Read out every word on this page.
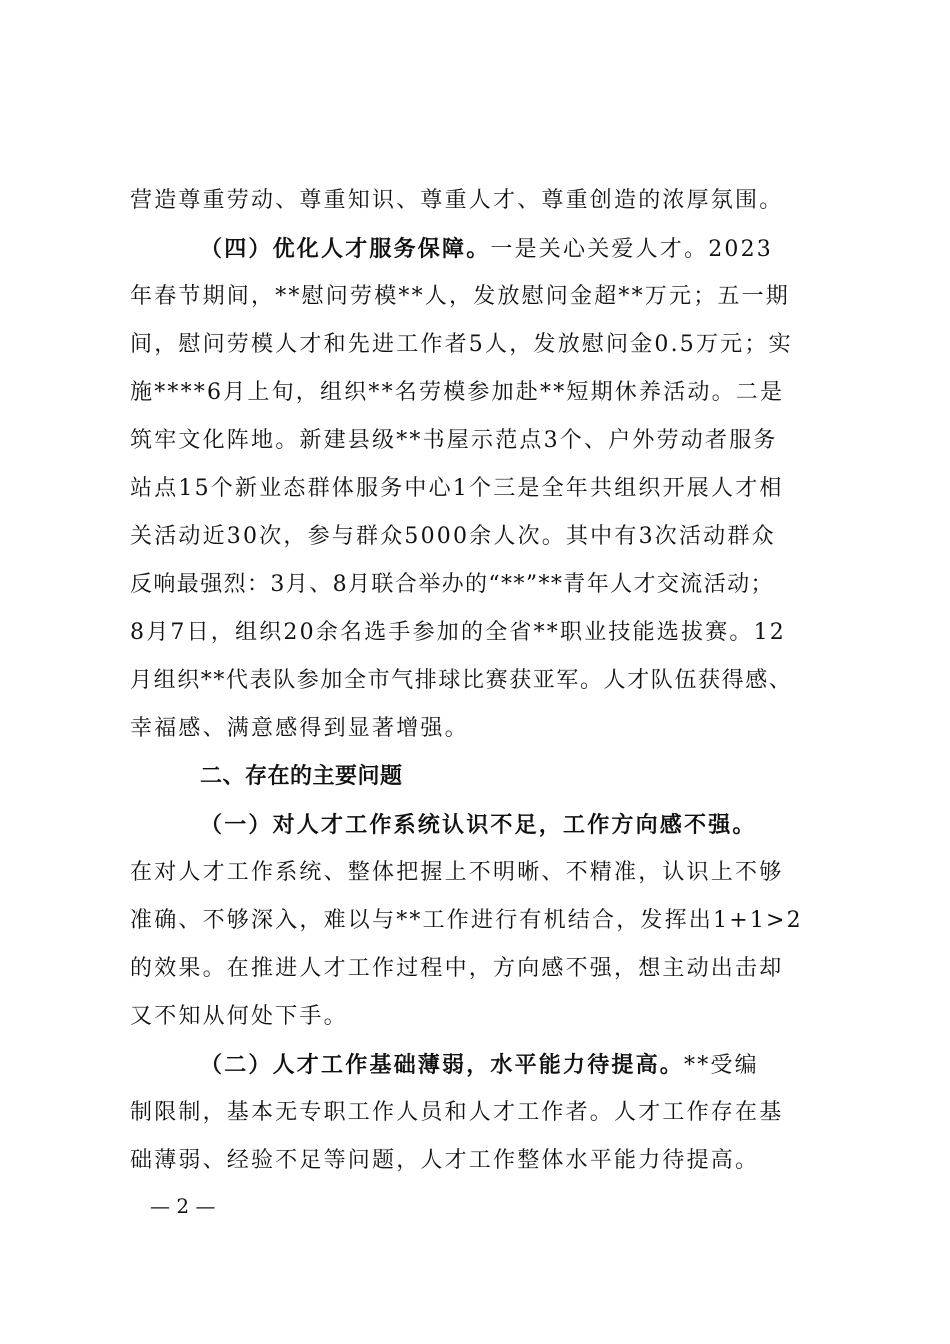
营造尊重劳动、尊重知识、尊重人才、尊重创造的浓厚氛围。
（四）优化人才服务保障。一是关心关爱人才。2023
年春节期间，**慰问劳模**人，发放慰问金超**万元；五一期
间，慰问劳模人才和先进工作者5人，发放慰问金0.5万元；实
施****6月上旬，组织**名劳模参加赴**短期休养活动。二是
筑牢文化阵地。新建县级**书屋示范点3个、户外劳动者服务
站点15个新业态群体服务中心1个三是全年共组织开展人才相
关活动近30次，参与群众5000余人次。其中有3次活动群众
反响最强烈：3月、8月联合举办的“**”**青年人才交流活动；
8月7日，组织20余名选手参加的全省**职业技能选拔赛。12
月组织**代表队参加全市气排球比赛获亚军。人才队伍获得感、
幸福感、满意感得到显著增强。
二、存在的主要问题
（一）对人才工作系统认识不足，工作方向感不强。
在对人才工作系统、整体把握上不明晰、不精准，认识上不够
准确、不够深入，难以与**工作进行有机结合，发挥出1+1>2
的效果。在推进人才工作过程中，方向感不强，想主动出击却
又不知从何处下手。
（二）人才工作基础薄弱，水平能力待提高。**受编
制限制，基本无专职工作人员和人才工作者。人才工作存在基
础薄弱、经验不足等问题，人才工作整体水平能力待提高。
— 2 —
